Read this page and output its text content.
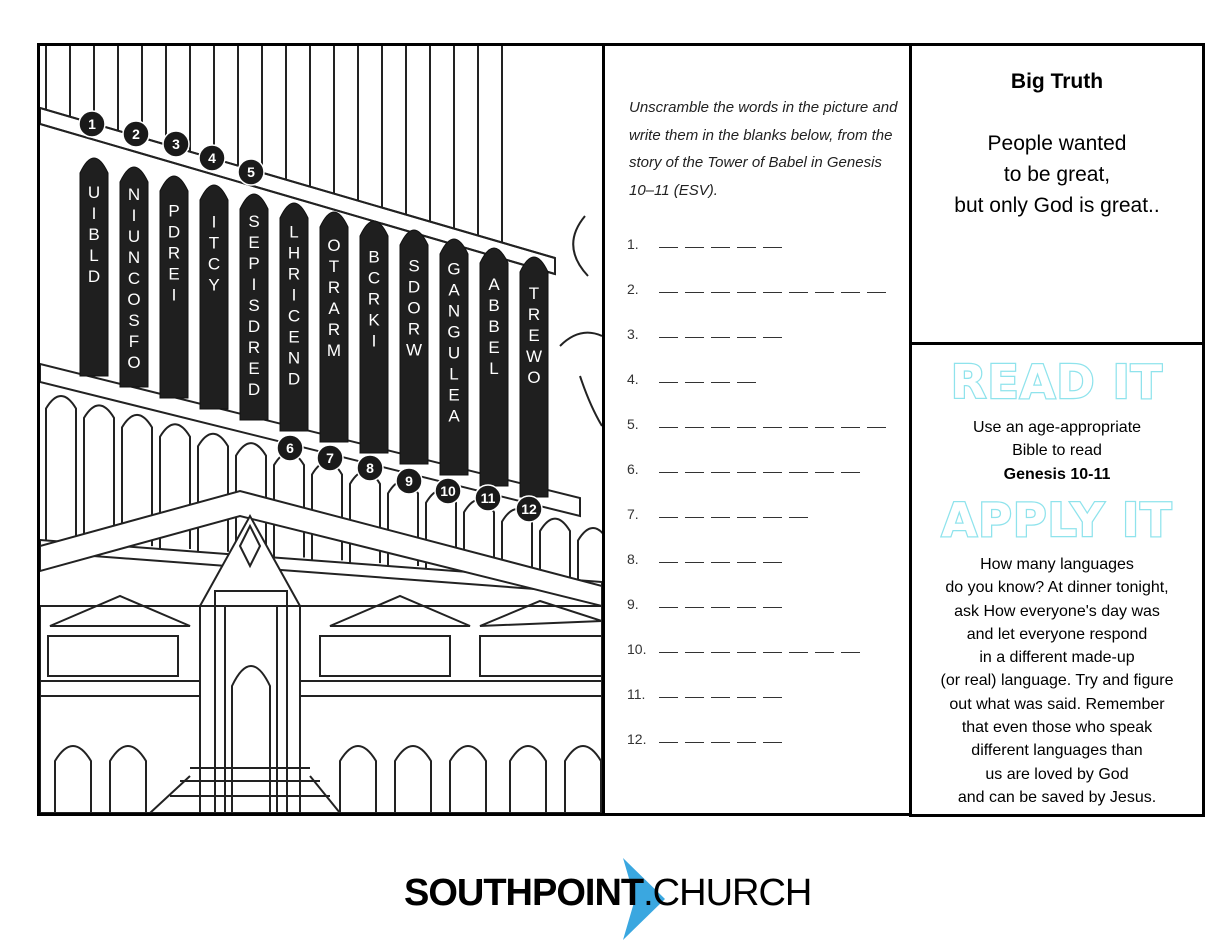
U
I
B
L
D
N
I
U
N
C
O
S
F
O
P
D
R
E
I
I
T
C
Y
S
E
P
I
S
D
R
E
D
L
H
R
I
C
E
N
D
O
T
R
A
R
M
B
C
R
K
I
S
D
O
R
W
G
A
N
G
U
L
E
A
A
B
B
E
L
T
R
E
W
O
1
2
3
4
5
6
7
8
9
10 11
12
Unscramble the words in the picture and write them in the blanks below, from the story of the Tower of Babel in Genesis 10–11 (ESV).
1.
2.
3.
4.
5.
6.
7.
8.
9.
10.
11.
12.
Big Truth
People wanted
to be great,
but only God is great..
READ IT
Use an age-appropriate
Bible to read
Genesis 10-11
APPLY IT
How many languages
do you know? At dinner tonight,
ask How everyone's day was
and let everyone respond
in a different made-up
(or real) language. Try and figure
out what was said. Remember
that even those who speak
different languages than
us are loved by God
and can be saved by Jesus.
SOUTHPOINT.CHURCH
